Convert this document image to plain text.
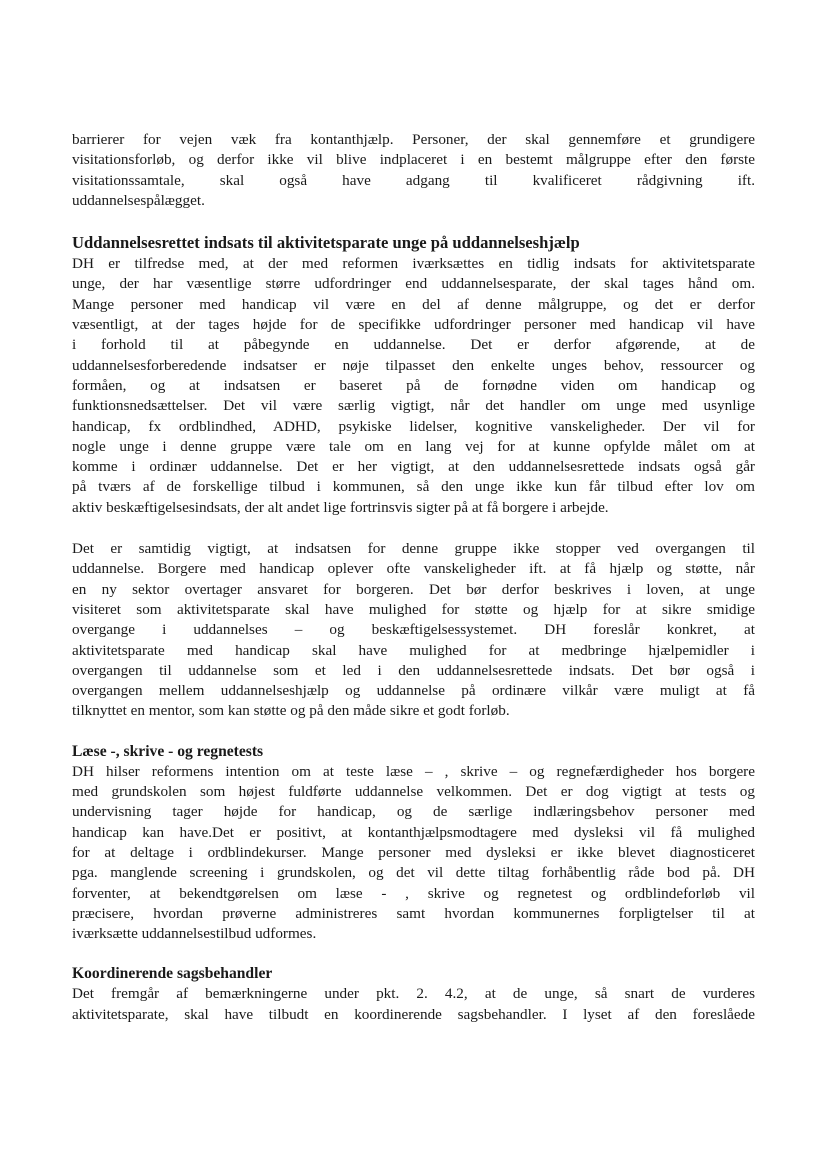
barrierer for vejen væk fra kontanthjælp. Personer, der skal gennemføre et grundigere

visitationsforløb, og derfor ikke vil blive indplaceret i en bestemt målgruppe efter den første

visitationssamtale, skal også have adgang til kvalificeret rådgivning ift.

uddannelsespålægget.

Uddannelsesrettet indsats til aktivitetsparate unge på uddannelseshjælp

DH er tilfredse med, at der med reformen iværksættes en tidlig indsats for aktivitetsparate

unge, der har væsentlige større udfordringer end uddannelsesparate, der skal tages hånd om.

Mange personer med handicap vil være en del af denne målgruppe, og det er derfor

væsentligt, at der tages højde for de specifikke udfordringer personer med handicap vil have

i forhold til at påbegynde en uddannelse. Det er derfor afgørende, at de

uddannelsesforberedende indsatser er nøje tilpasset den enkelte unges behov, ressourcer og

formåen, og at indsatsen er baseret på de fornødne viden om handicap og

funktionsnedsættelser. Det vil være særlig vigtigt, når det handler om unge med usynlige

handicap, fx ordblindhed, ADHD, psykiske lidelser, kognitive vanskeligheder. Der vil for

nogle unge i denne gruppe være tale om en lang vej for at kunne opfylde målet om at

komme i ordinær uddannelse. Det er her vigtigt, at den uddannelsesrettede indsats også går

på tværs af de forskellige tilbud i kommunen, så den unge ikke kun får tilbud efter lov om

aktiv beskæftigelsesindsats, der alt andet lige fortrinsvis sigter på at få borgere i arbejde.

Det er samtidig vigtigt, at indsatsen for denne gruppe ikke stopper ved overgangen til

uddannelse. Borgere med handicap oplever ofte vanskeligheder ift. at få hjælp og støtte, når

en ny sektor overtager ansvaret for borgeren. Det bør derfor beskrives i loven, at unge

visiteret som aktivitetsparate skal have mulighed for støtte og hjælp for at sikre smidige

overgange i uddannelses – og beskæftigelsessystemet. DH foreslår konkret, at

aktivitetsparate med handicap skal have mulighed for at medbringe hjælpemidler i

overgangen til uddannelse som et led i den uddannelsesrettede indsats. Det bør også i

overgangen mellem uddannelseshjælp og uddannelse på ordinære vilkår være muligt at få

tilknyttet en mentor, som kan støtte og på den måde sikre et godt forløb.

Læse -, skrive - og regnetests

DH hilser reformens intention om at teste læse – , skrive – og regnefærdigheder hos borgere

med grundskolen som højest fuldførte uddannelse velkommen. Det er dog vigtigt at tests og

undervisning tager højde for handicap, og de særlige indlæringsbehov personer med

handicap kan have.Det er positivt, at kontanthjælpsmodtagere med dysleksi vil få mulighed

for at deltage i ordblindekurser. Mange personer med dysleksi er ikke blevet diagnosticeret

pga. manglende screening i grundskolen, og det vil dette tiltag forhåbentlig råde bod på. DH

forventer, at bekendtgørelsen om læse - , skrive og regnetest og ordblindeforløb vil

præcisere, hvordan prøverne administreres samt hvordan kommunernes forpligtelser til at

iværksætte uddannelsestilbud udformes.

Koordinerende sagsbehandler

Det fremgår af bemærkningerne under pkt. 2. 4.2, at de unge, så snart de vurderes

aktivitetsparate, skal have tilbudt en koordinerende sagsbehandler. I lyset af den foreslåede
